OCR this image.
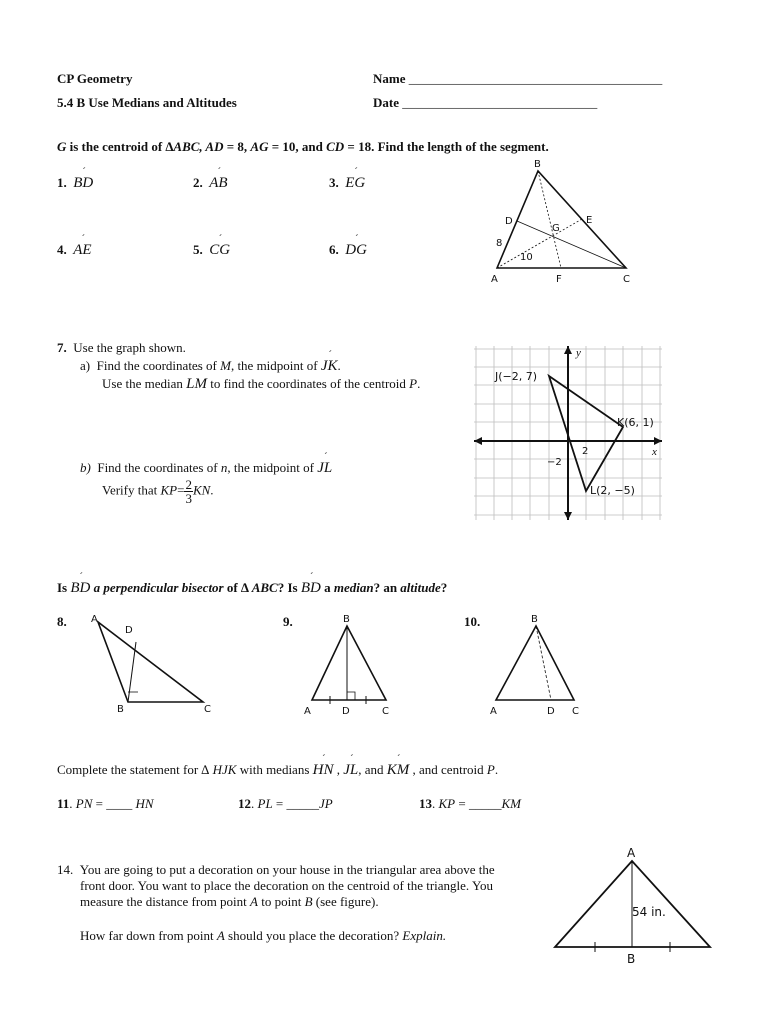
CP Geometry
5.4 B Use Medians and Altitudes
Name _______________________________________
Date ______________________________
G is the centroid of ∆ABC, AD = 8, AG = 10, and CD = 18. Find the length of the segment.
1. ´ BD	2. ´ AB	3. ´ EG
4. ´ AE	5. ´ CG	6. ´ DG
B
D
G
E
8
10
A	F	C
7. Use the graph shown.
a) Find the coordinates of M, the midpoint of ´ JK.
Use the median ´ LM to find the coordinates of the centroid P.
b) Find the coordinates of n, the midpoint of ´ JL
Verify that $KP= \frac{2}{3}$ KN.
y
x
J(−2, 7)
K(6, 1)
L(2, −5)
2
−2
Is ´ BD a perpendicular bisector of ∆ ABC? Is ´ BD a median? an altitude?
8.	9.	10.
A
D
B	C
B
A	D	C
B
A	D C
Complete the statement for ∆ HJK with medians ´ HN , ´ JL, and ´ KM , and centroid P.
11. PN = ____ HN	12. PL = _____JP	13. KP = _____KM
14. You are going to put a decoration on your house in the triangular area above the
front door. You want to place the decoration on the centroid of the triangle. You
measure the distance from point A to point B (see figure).
How far down from point A should you place the decoration? Explain.
A
54 in.
B
